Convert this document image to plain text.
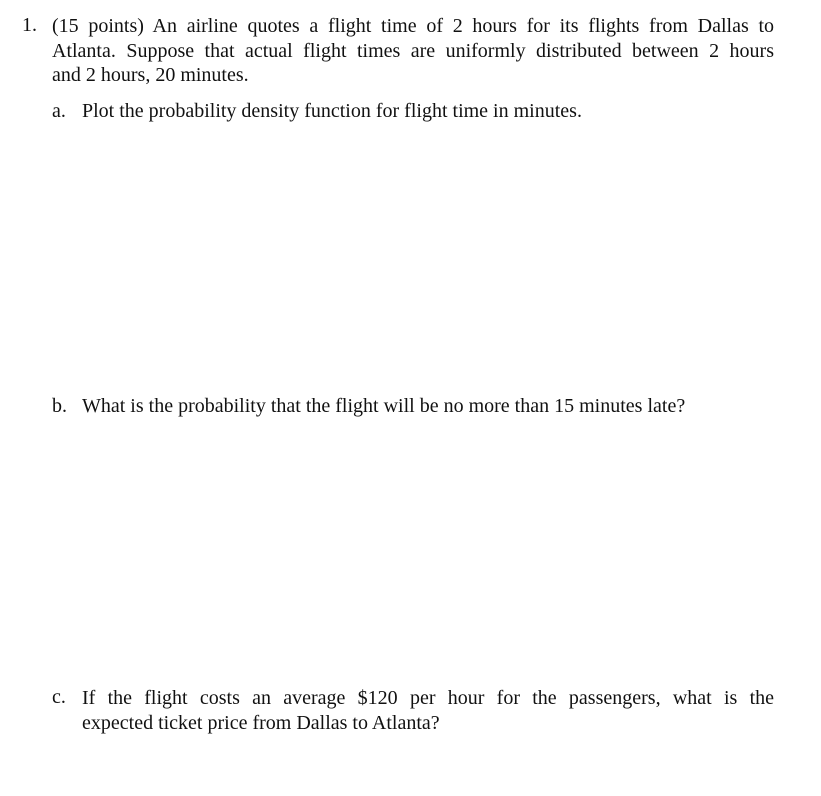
1. (15 points) An airline quotes a flight time of 2 hours for its flights from Dallas to
Atlanta. Suppose that actual flight times are uniformly distributed between 2 hours
and 2 hours, 20 minutes.
a. Plot the probability density function for flight time in minutes.
b. What is the probability that the flight will be no more than 15 minutes late?
c. If the flight costs an average $120 per hour for the passengers, what is the
expected ticket price from Dallas to Atlanta?
